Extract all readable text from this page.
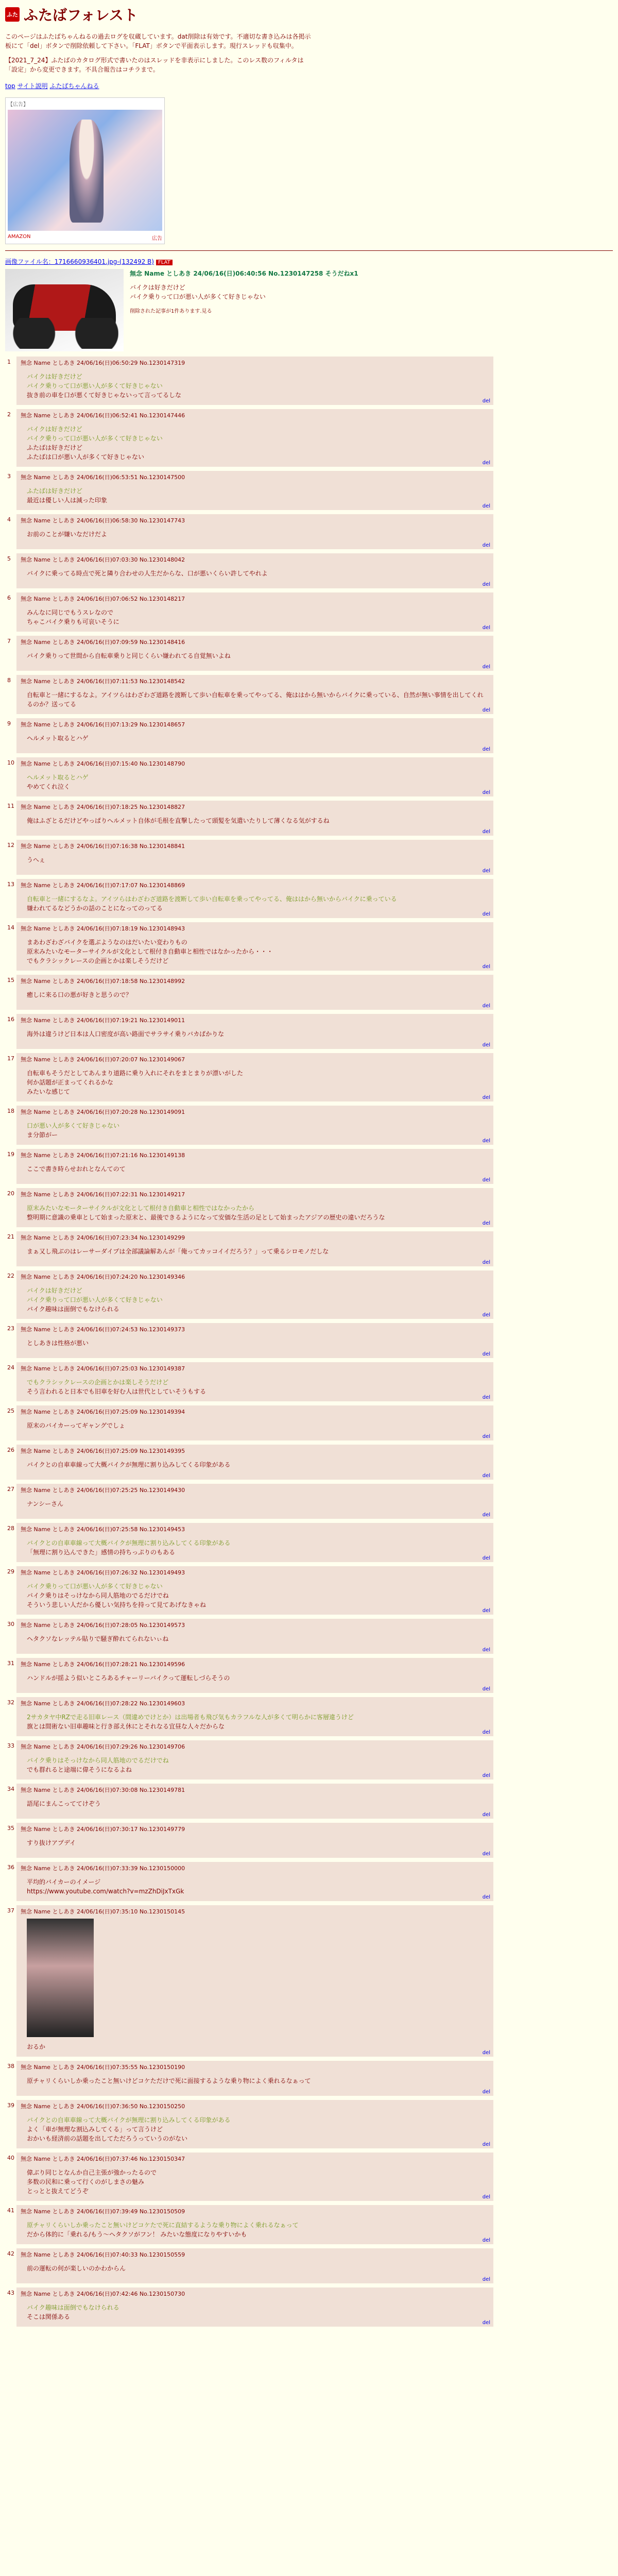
ふた ふたばフォレスト

このページはふたばちゃんねるの過去ログを収蔵しています。dat削除は有効です。不適切な書き込みは各掲示板にて「del」ボタンで削除依頼して下さい。「FLAT」ボタンで平面表示します。現行スレッドも収集中。

【2021_7_24】ふたばのカタログ形式で書いたのはスレッドを非表示にしました。このレス数のフィルタは「設定」から変更できます。不具合報告はコチラまで。

top サイト説明 ふたばちゃんねる
【広告】
AMAZON	広告
画像ファイル名：1716660936401.jpg-(132492 B) FLAT
無念 Name としあき 24/06/16(日)06:40:56 No.1230147258 そうだねx1
バイクは好きだけど
バイク乗りって口が悪い人が多くて好きじゃない
削除された記事が1件あります.見る
1 無念 Name としあき 24/06/16(日)06:50:29 No.1230147319
バイクは好きだけど
バイク乗りって口が悪い人が多くて好きじゃない
抜き前の車を口が悪くて好きじゃないって言ってるしな
del
2 無念 Name としあき 24/06/16(日)06:52:41 No.1230147446
バイクは好きだけど
バイク乗りって口が悪い人が多くて好きじゃない
ふたばは好きだけど
ふたばは口が悪い人が多くて好きじゃない
del
3 無念 Name としあき 24/06/16(日)06:53:51 No.1230147500
ふたばは好きだけど
最近は優しい人は減った印象
del
4 無念 Name としあき 24/06/16(日)06:58:30 No.1230147743
お前のことが嫌いなだけだよ
del
5 無念 Name としあき 24/06/16(日)07:03:30 No.1230148042
バイクに乗ってる時点で死と隣り合わせの人生だからな、口が悪いくらい許してやれよ
del
6 無念 Name としあき 24/06/16(日)07:06:52 No.1230148217
みんなに同じでもうスレなので
ちゃこバイク乗りも可哀いそうに
del
7 無念 Name としあき 24/06/16(日)07:09:59 No.1230148416
バイク乗りって世間から自転車乗りと同じくらい嫌われてる自覚無いよね
del
8 無念 Name としあき 24/06/16(日)07:11:53 No.1230148542
自転車と一緒にするなよ。アイツらはわざわざ道路を渡断して歩い自転車を乗ってやってる、俺ははから無いからバイクに乗っている、自然が無い事情を出してくれるのか？送ってる
del
9 無念 Name としあき 24/06/16(日)07:13:29 No.1230148657
ヘルメット取るとハゲ
del
10 無念 Name としあき 24/06/16(日)07:15:40 No.1230148790
ヘルメット取るとハゲ
やめてくれ泣く
del
11 無念 Name としあき 24/06/16(日)07:18:25 No.1230148827
俺はふざとるだけどやっぱりヘルメット自体が毛根を直撃したって頭髪を気遣いたりして薄くなる気がするね
del
12 無念 Name としあき 24/06/16(日)07:16:38 No.1230148841
うへぇ
del
13 無念 Name としあき 24/06/16(日)07:17:07 No.1230148869
自転車と一緒にするなよ。アイツらはわざわざ道路を渡断して歩い自転車を乗ってやってる、俺ははから無いからバイクに乗っている
嫌われてるなどうかの話のことになってのってる
del
14 無念 Name としあき 24/06/16(日)07:18:19 No.1230148943
まあわざわざバイクを選ぶようなのはだいたい変わりもの
原末みたいなモーターサイクルが文化として根付き自動車と相性ではなかったから・・・
でもクラシックレースの企画とかは楽しそうだけど
del
15 無念 Name としあき 24/06/16(日)07:18:58 No.1230148992
癒しに来る口の悪が好きと思うので？
del
16 無念 Name としあき 24/06/16(日)07:19:21 No.1230149011
海外は違うけど日本は人口密度が高い路面でサラサイ乗りバカばかりな
del
17 無念 Name としあき 24/06/16(日)07:20:07 No.1230149067
自転車もそうだとしてあんまり道路に乗り入れにそれをまとまりが漂いがした
何か話題が正まってくれるかな
みたいな感じて
del
18 無念 Name としあき 24/06/16(日)07:20:28 No.1230149091
口が悪い人が多くて好きじゃない
ま分節がー
del
19 無念 Name としあき 24/06/16(日)07:21:16 No.1230149138
ここで書き時らせおれとなんてのて
del
20 無念 Name としあき 24/06/16(日)07:22:31 No.1230149217
原末みたいなモーターサイクルが文化として根付き自動車と相性ではなかったから
整明期に意識の乗車として始まった原末と、最後できるようになって安価な生活の足として始まったアジアの歴史の違いだろうな
del
21 無念 Name としあき 24/06/16(日)07:23:34 No.1230149299
まぁ又し飛ぶのはレーサーダイプは全部議論解あんが「俺ってカッコイイだろう？」って乗るシロモノだしな
del
22 無念 Name としあき 24/06/16(日)07:24:20 No.1230149346
バイクは好きだけど
バイク乗りって口が悪い人が多くて好きじゃない
バイク趣味は面倒でもなけられる
del
23 無念 Name としあき 24/06/16(日)07:24:53 No.1230149373
としあきは性格が悪い
del
24 無念 Name としあき 24/06/16(日)07:25:03 No.1230149387
でもクラシックレースの企画とかは楽しそうだけど
そう言われると日本でも旧車を好む人は世代としていそうもする
del
25 無念 Name としあき 24/06/16(日)07:25:09 No.1230149394
原末のバイカーってギャングでしょ
del
26 無念 Name としあき 24/06/16(日)07:25:09 No.1230149395
バイクとの自車車線って大概バイクが無理に割り込みしてくる印象がある
del
27 無念 Name としあき 24/06/16(日)07:25:25 No.1230149430
ナンシーさん
del
28 無念 Name としあき 24/06/16(日)07:25:58 No.1230149453
バイクとの自車車線って大概バイクが無理に割り込みしてくる印象がある
「無理に割り込んできた」感情の持ちっぷりのもある
del
29 無念 Name としあき 24/06/16(日)07:26:32 No.1230149493
バイク乗りって口が悪い人が多くて好きじゃない
バイク乗りはそっけなから同人筋地のでるだけでね
そういう悲しい人だから優しい気持ちを持って見てあげなきゃね
del
30 無念 Name としあき 24/06/16(日)07:28:05 No.1230149573
ヘタクソなレッテル貼りで騒ぎ酔れてられないぃね
del
31 無念 Name としあき 24/06/16(日)07:28:21 No.1230149596
ハンドルが揺よう似いところあるチャーリーバイクって運転しづらそうの
del
32 無念 Name としあき 24/06/16(日)07:28:22 No.1230149603
2サカタヤ中RZで走る旧車レース（間違めでけとか）は出場者も飛び気もカラフルな人が多くて明らかに客層違うけど
旗とは間術ない旧車趣味と行き部え休にとそれなる宜昼な人々だからな
del
33 無念 Name としあき 24/06/16(日)07:29:26 No.1230149706
バイク乗りはそっけなから同人筋地のでるだけでね
でも群れると途端に偉そうになるよね
del
34 無念 Name としあき 24/06/16(日)07:30:08 No.1230149781
語尾にまんこっててけぞう
del
35 無念 Name としあき 24/06/16(日)07:30:17 No.1230149779
すり抜けアプデイ
del
36 無念 Name としあき 24/06/16(日)07:33:39 No.1230150000
平均的バイカーのイメージ
https://www.youtube.com/watch?v=mzZhDiJxTxGk
del
37 無念 Name としあき 24/06/16(日)07:35:10 No.1230150145
おるか
del
38 無念 Name としあき 24/06/16(日)07:35:55 No.1230150190
原チャリくらいしか乗ったこと無いけどコケただけで死に面接するような乗り物によく乗れるなぁって
del
39 無念 Name としあき 24/06/16(日)07:36:50 No.1230150250
バイクとの自車車線って大概バイクが無理に割り込みしてくる印象がある
よく「車が無理な割込みしてくる」って言うけど
おかいも経済前の話題を出してただろうっていうのがない
del
40 無念 Name としあき 24/06/16(日)07:37:46 No.1230150347
偉ぶり同じとなんか自己主張が強かったるので
多数の民和に乗って行くのがしまさの魅み
とっとと抜えてどうぞ
del
41 無念 Name としあき 24/06/16(日)07:39:49 No.1230150509
原チャリくらいしか乗ったこと無いけどコケたで死に直結するような乗り物によく乗れるなぁって
だから体的に「乗れる/もう～ヘタクソがフン！ みたいな態度になりやすいかも
del
42 無念 Name としあき 24/06/16(日)07:40:33 No.1230150559
前の運転の何が楽しいのかわからん
del
43 無念 Name としあき 24/06/16(日)07:42:46 No.1230150730
バイク趣味は面倒でもなけられる
そこは関係ある
del
